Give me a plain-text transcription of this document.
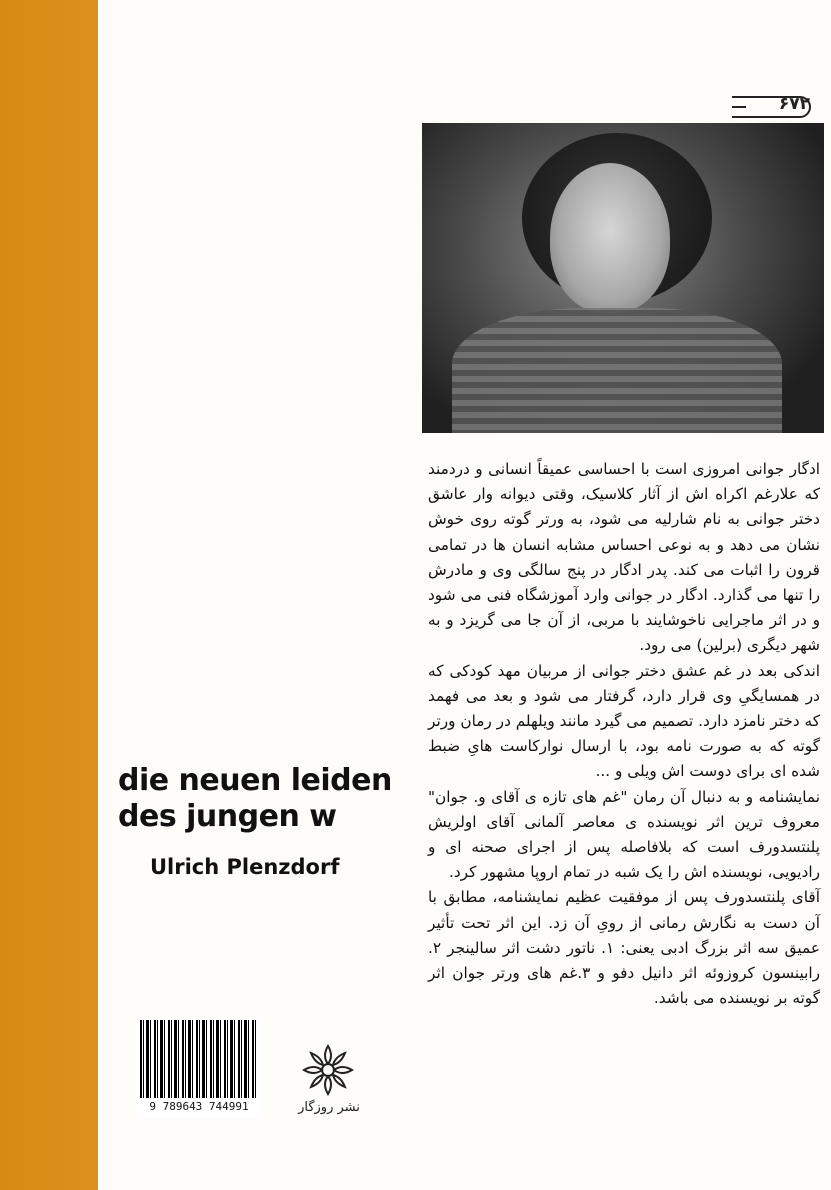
۶۷۲

ادگار جوانی امروزی است با احساسی عمیقاً انسانی و دردمند که علارغم اکراه اش از آثار کلاسیک، وقتی دیوانه وار عاشق دختر جوانی به نام شارلیه می شود، به ورتر گوته روی خوش نشان می دهد و به نوعی احساس مشابه انسان ها در تمامی قرون را اثبات می کند. پدر ادگار در پنج سالگی وی و مادرش را تنها می گذارد. ادگار در جوانی وارد آموزشگاه فنی می شود و در اثر ماجرایی ناخوشایند با مربی، از آن جا می گریزد و به شهر دیگری (برلین) می رود.

اندکی بعد در غم عشق دختر جوانی از مربیان مهد کودکی که در همسایگیِ وی قرار دارد، گرفتار می شود و بعد می فهمد که دختر نامزد دارد. تصمیم می گیرد مانند ویلهلم در رمان ورتر گوته که به صورت نامه بود، با ارسال نوارکاست هایِ ضبط شده ای برای دوست اش ویلی و ...

نمایشنامه و به دنبال آن رمان "غم های تازه ی آقای و. جوان" معروف ترین اثر نویسنده ی معاصر آلمانی آقای اولریش پلنتسدورف است که بلافاصله پس از اجرای صحنه ای و رادیویی، نویسنده اش را یک شبه در تمام اروپا مشهور کرد.

آقای پلنتسدورف پس از موفقیت عظیم نمایشنامه، مطابق با آن دست به نگارش رمانی از رویِ آن زد. این اثر تحت تأثیر عمیق سه اثر بزرگ ادبی یعنی: ۱. ناتور دشت اثر سالینجر ۲. رابینسون کروزوئه اثر دانیل دفو و ۳.غم های ورتر جوان اثر گوته بر نویسنده می باشد.

die neuen leiden
des jungen w
Ulrich Plenzdorf
9 789643 744991	نشر روزگار
